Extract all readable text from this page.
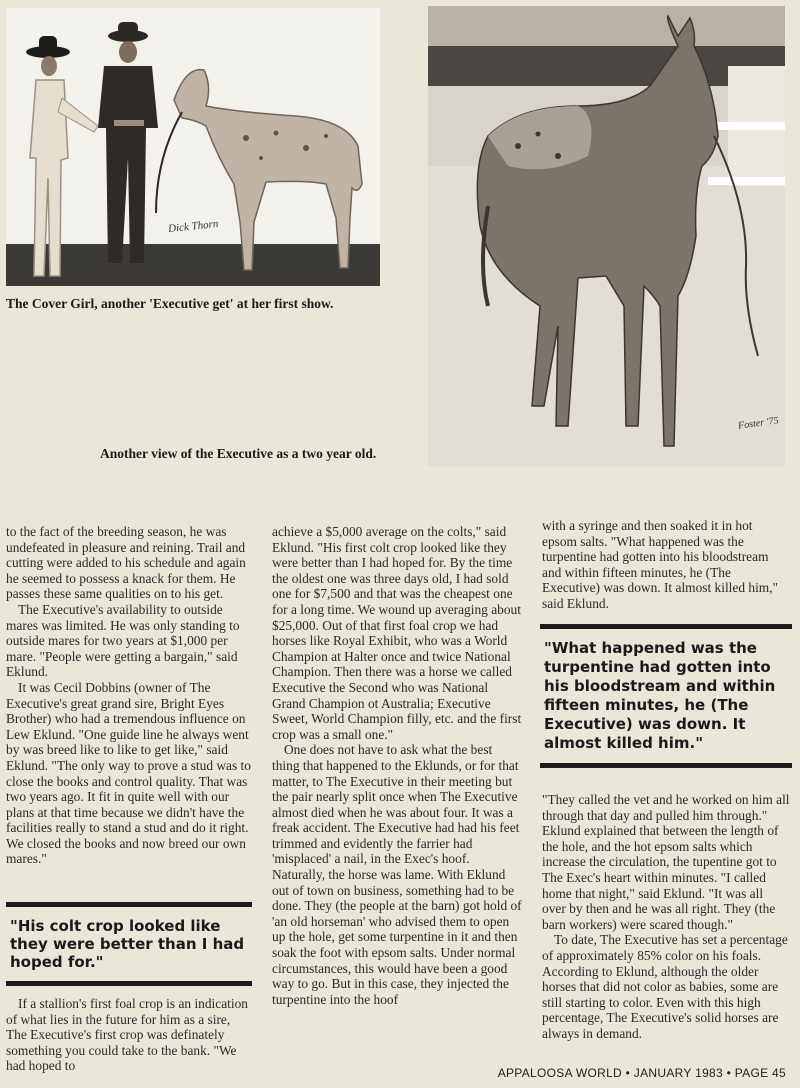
Dick Thorn
The Cover Girl, another 'Executive get' at her first show.
Foster '75
Another view of the Executive as a two year old.

to the fact of the breeding season, he was undefeated in pleasure and reining. Trail and cutting were added to his schedule and again he seemed to possess a knack for them. He passes these same qualities on to his get.

The Executive's availability to outside mares was limited. He was only standing to outside mares for two years at $1,000 per mare. "People were getting a bargain," said Eklund.

It was Cecil Dobbins (owner of The Executive's great grand sire, Bright Eyes Brother) who had a tremendous influence on Lew Eklund. "One guide line he always went by was breed like to like to get like," said Eklund. "The only way to prove a stud was to close the books and control quality. That was two years ago. It fit in quite well with our plans at that time because we didn't have the facilities really to stand a stud and do it right. We closed the books and now breed our own mares."

"His colt crop looked like they were better than I had hoped for."

If a stallion's first foal crop is an indication of what lies in the future for him as a sire, The Executive's first crop was definately something you could take to the bank. "We had hoped to

achieve a $5,000 average on the colts," said Eklund. "His first colt crop looked like they were better than I had hoped for. By the time the oldest one was three days old, I had sold one for $7,500 and that was the cheapest one for a long time. We wound up averaging about $25,000. Out of that first foal crop we had horses like Royal Exhibit, who was a World Champion at Halter once and twice National Champion. Then there was a horse we called Executive the Second who was National Grand Champion ot Australia; Executive Sweet, World Champion filly, etc. and the first crop was a small one."

One does not have to ask what the best thing that happened to the Eklunds, or for that matter, to The Executive in their meeting but the pair nearly split once when The Executive almost died when he was about four. It was a freak accident. The Executive had had his feet trimmed and evidently the farrier had 'misplaced' a nail, in the Exec's hoof. Naturally, the horse was lame. With Eklund out of town on business, something had to be done. They (the people at the barn) got hold of 'an old horseman' who advised them to open up the hole, get some turpentine in it and then soak the foot with epsom salts. Under normal circumstances, this would have been a good way to go. But in this case, they injected the turpentine into the hoof

with a syringe and then soaked it in hot epsom salts. "What happened was the turpentine had gotten into his bloodstream and within fifteen minutes, he (The Executive) was down. It almost killed him," said Eklund.

"What happened was the turpentine had gotten into his bloodstream and within fifteen minutes, he (The Executive) was down. It almost killed him."

"They called the vet and he worked on him all through that day and pulled him through." Eklund explained that between the length of the hole, and the hot epsom salts which increase the circulation, the tupentine got to The Exec's heart within minutes. "I called home that night," said Eklund. "It was all over by then and he was all right. They (the barn workers) were scared though."

To date, The Executive has set a percentage of approximately 85% color on his foals. According to Eklund, although the older horses that did not color as babies, some are still starting to color. Even with this high percentage, The Executive's solid horses are always in demand.

APPALOOSA WORLD • JANUARY 1983 • PAGE 45
